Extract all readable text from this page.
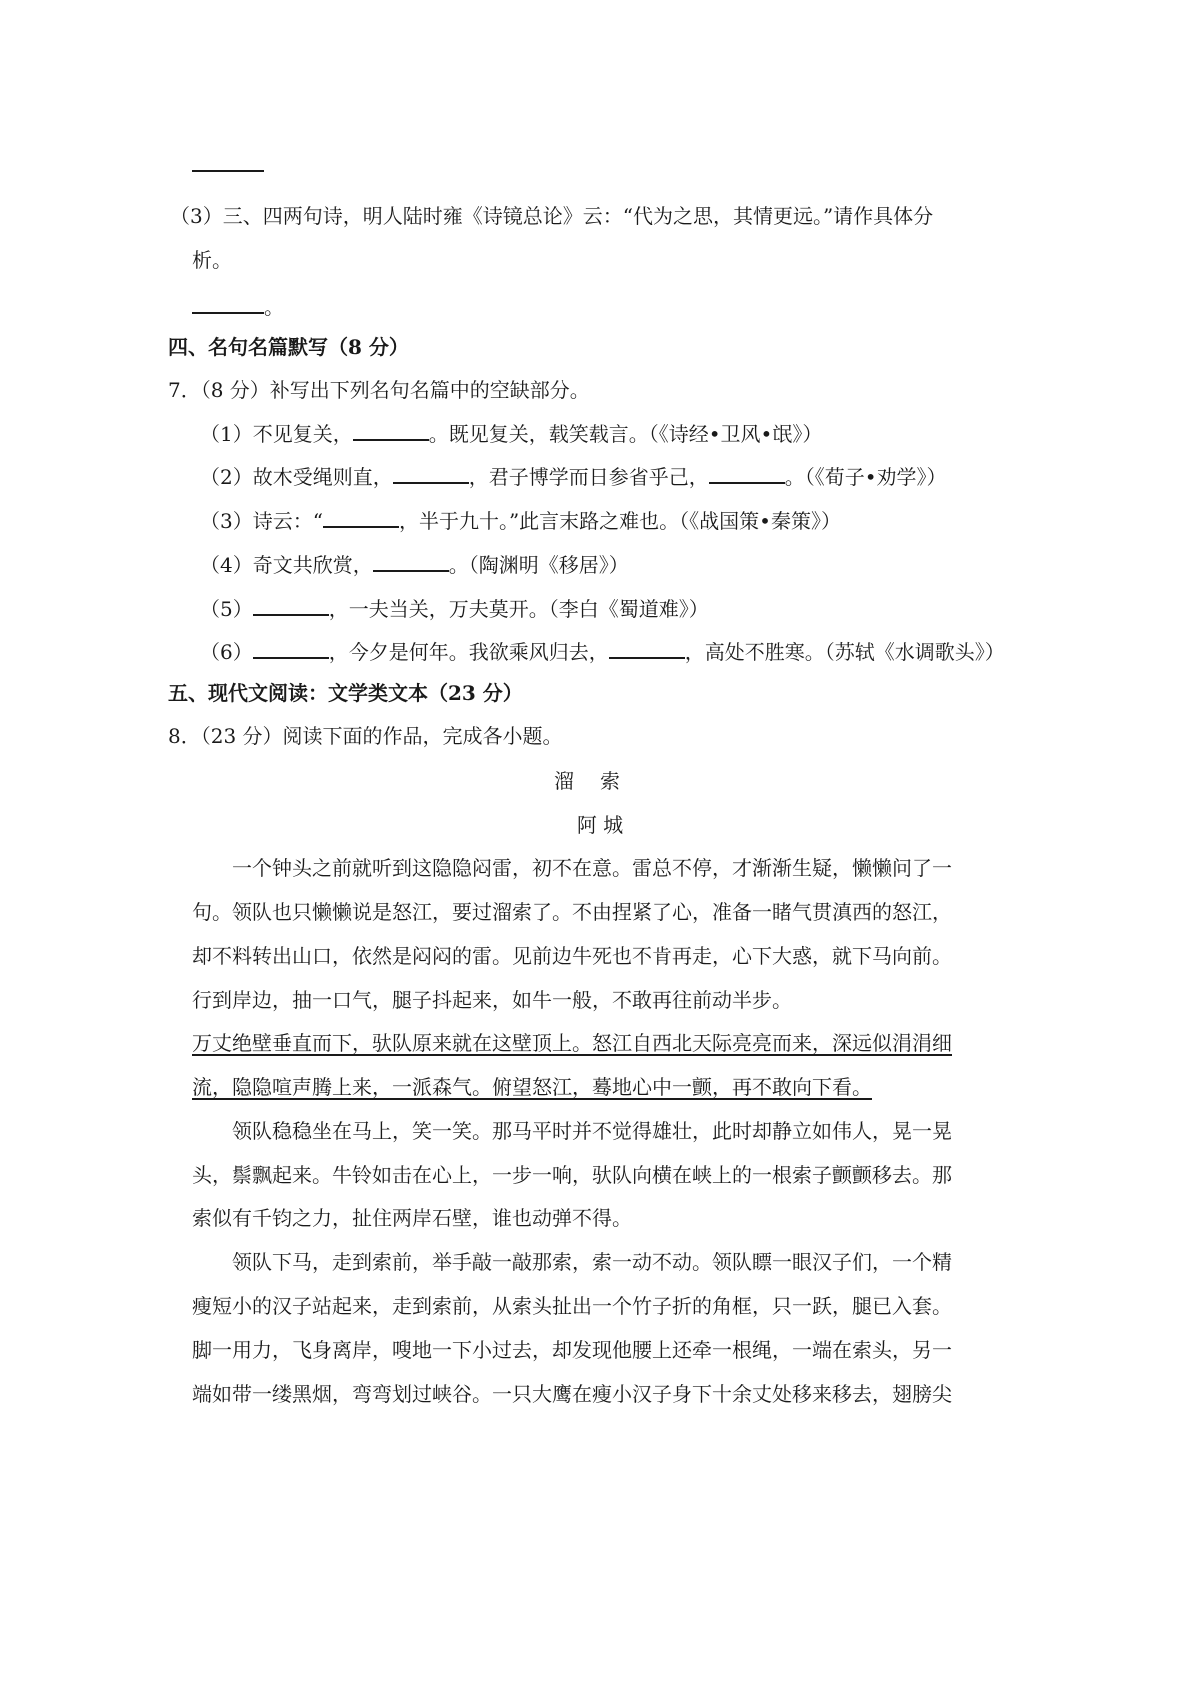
（3）三、四两句诗，明人陆时雍《诗镜总论》云：“代为之思，其情更远。”请作具体分
析。
。
四、名句名篇默写（8 分）
7．（8 分）补写出下列名句名篇中的空缺部分。
（1）不见复关，	。既见复关，载笑载言。（《诗经•卫风•氓》）
（2）故木受绳则直，	，君子博学而日参省乎己，	。（《荀子•劝学》）
（3）诗云：“	，半于九十。”此言末路之难也。（《战国策•秦策》）
（4）奇文共欣赏，	。（陶渊明《移居》）
（5）	，一夫当关，万夫莫开。（李白《蜀道难》）
（6）	，今夕是何年。我欲乘风归去，	，高处不胜寒。（苏轼《水调歌头》）
五、现代文阅读：文学类文本（23 分）
8．（23 分）阅读下面的作品，完成各小题。
溜索
阿 城
一个钟头之前就听到这隐隐闷雷，初不在意。雷总不停，才渐渐生疑，懒懒问了一
句。领队也只懒懒说是怒江，要过溜索了。不由捏紧了心，准备一睹气贯滇西的怒江，
却不料转出山口，依然是闷闷的雷。见前边牛死也不肯再走，心下大惑，就下马向前。
行到岸边，抽一口气，腿子抖起来，如牛一般，不敢再往前动半步。
万丈绝壁垂直而下，驮队原来就在这壁顶上。怒江自西北天际亮亮而来，深远似涓涓细
流，隐隐喧声腾上来，一派森气。俯望怒江，蓦地心中一颤，再不敢向下看。
领队稳稳坐在马上，笑一笑。那马平时并不觉得雄壮，此时却静立如伟人，晃一晃
头，鬃飘起来。牛铃如击在心上，一步一响，驮队向横在峡上的一根索子颤颤移去。那
索似有千钧之力，扯住两岸石壁，谁也动弹不得。
领队下马，走到索前，举手敲一敲那索，索一动不动。领队瞟一眼汉子们，一个精
瘦短小的汉子站起来，走到索前，从索头扯出一个竹子折的角框，只一跃，腿已入套。
脚一用力，飞身离岸，嗖地一下小过去，却发现他腰上还牵一根绳，一端在索头，另一
端如带一缕黑烟，弯弯划过峡谷。一只大鹰在瘦小汉子身下十余丈处移来移去，翅膀尖
